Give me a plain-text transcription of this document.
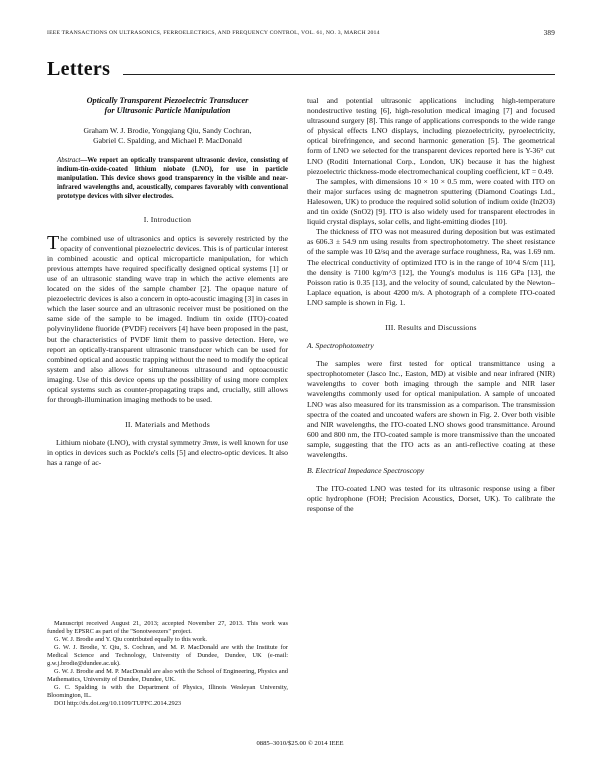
IEEE TRANSACTIONS ON ULTRASONICS, FERROELECTRICS, AND FREQUENCY CONTROL, VOL. 61, NO. 3, MARCH 2014	389
Letters
Optically Transparent Piezoelectric Transducer
for Ultrasonic Particle Manipulation
Graham W. J. Brodie, Yongqiang Qiu, Sandy Cochran,
Gabriel C. Spalding, and Michael P. MacDonald
Abstract—We report an optically transparent ultrasonic device, consisting of indium-tin-oxide-coated lithium niobate (LNO), for use in particle manipulation. This device shows good transparency in the visible and near-infrared wavelengths and, acoustically, compares favorably with conventional prototype devices with silver electrodes.
I. Introduction

The combined use of ultrasonics and optics is severely restricted by the opacity of conventional piezoelectric devices. This is of particular interest in combined acoustic and optical microparticle manipulation, for which previous attempts have required specifically designed optical systems [1] or use of an ultrasonic standing wave trap in which the active elements are located on the sides of the sample chamber [2]. The opaque nature of piezoelectric devices is also a concern in opto-acoustic imaging [3] in cases in which the laser source and an ultrasonic receiver must be positioned on the same side of the sample to be imaged. Indium tin oxide (ITO)-coated polyvinylidene fluoride (PVDF) receivers [4] have been proposed in the past, but the characteristics of PVDF limit them to passive detection. Here, we report an optically-transparent ultrasonic transducer which can be used for combined optical and acoustic trapping without the need to modify the optical system and also allows for simultaneous ultrasound and optoacoustic imaging. Use of this device opens up the possibility of using more complex optical systems such as counter-propagating traps and, crucially, still allows for through-illumination imaging methods to be used.

II. Materials and Methods

Lithium niobate (LNO), with crystal symmetry 3mm, is well known for use in optics in devices such as Pockle's cells [5] and electro-optic devices. It also has a range of ac-

Manuscript received August 21, 2013; accepted November 27, 2013. This work was funded by EPSRC as part of the "Sonotweezers" project.
G. W. J. Brodie and Y. Qiu contributed equally to this work.
G. W. J. Brodie, Y. Qiu, S. Cochran, and M. P. MacDonald are with the Institute for Medical Science and Technology, University of Dundee, Dundee, UK (e-mail: g.w.j.brodie@dundee.ac.uk).
G. W. J. Brodie and M. P. MacDonald are also with the School of Engineering, Physics and Mathematics, University of Dundee, Dundee, UK.
G. C. Spalding is with the Department of Physics, Illinois Wesleyan University, Bloomington, IL.
DOI http://dx.doi.org/10.1109/TUFFC.2014.2923

tual and potential ultrasonic applications including high-temperature nondestructive testing [6], high-resolution medical imaging [7] and focused ultrasound surgery [8]. This range of applications corresponds to the wide range of physical effects LNO displays, including piezoelectricity, pyroelectricity, optical birefringence, and second harmonic generation [5]. The geometrical form of LNO we selected for the transparent devices reported here is Y-36° cut LNO (Roditi International Corp., London, UK) because it has the highest piezoelectric thickness-mode electromechanical coupling coefficient, kT = 0.49.

The samples, with dimensions 10 × 10 × 0.5 mm, were coated with ITO on their major surfaces using dc magnetron sputtering (Diamond Coatings Ltd., Halesowen, UK) to produce the required solid solution of indium oxide (In2O3) and tin oxide (SnO2) [9]. ITO is also widely used for transparent electrodes in liquid crystal displays, solar cells, and light-emitting diodes [10].

The thickness of ITO was not measured during deposition but was estimated as 606.3 ± 54.9 nm using results from spectrophotometry. The sheet resistance of the sample was 10 Ω/sq and the average surface roughness, Ra, was 1.69 nm. The electrical conductivity of optimized ITO is in the range of 10^4 S/cm [11], the density is 7100 kg/m^3 [12], the Young's modulus is 116 GPa [13], the Poisson ratio is 0.35 [13], and the velocity of sound, calculated by the Newton–Laplace equation, is about 4200 m/s. A photograph of a complete ITO-coated LNO sample is shown in Fig. 1.

III. Results and Discussions
A. Spectrophotometry

The samples were first tested for optical transmittance using a spectrophotometer (Jasco Inc., Easton, MD) at visible and near infrared (NIR) wavelengths to cover both imaging through the sample and NIR laser wavelengths commonly used for optical manipulation. A sample of uncoated LNO was also measured for its transmission as a comparison. The transmission spectra of the coated and uncoated wafers are shown in Fig. 2. Over both visible and NIR wavelengths, the ITO-coated LNO shows good transmittance. Around 600 and 800 nm, the ITO-coated sample is more transmissive than the uncoated sample, suggesting that the ITO acts as an anti-reflective coating at these wavelengths.

B. Electrical Impedance Spectroscopy

The ITO-coated LNO was tested for its ultrasonic response using a fiber optic hydrophone (FOH; Precision Acoustics, Dorset, UK). To calibrate the response of the

0885–3010/$25.00 © 2014 IEEE
